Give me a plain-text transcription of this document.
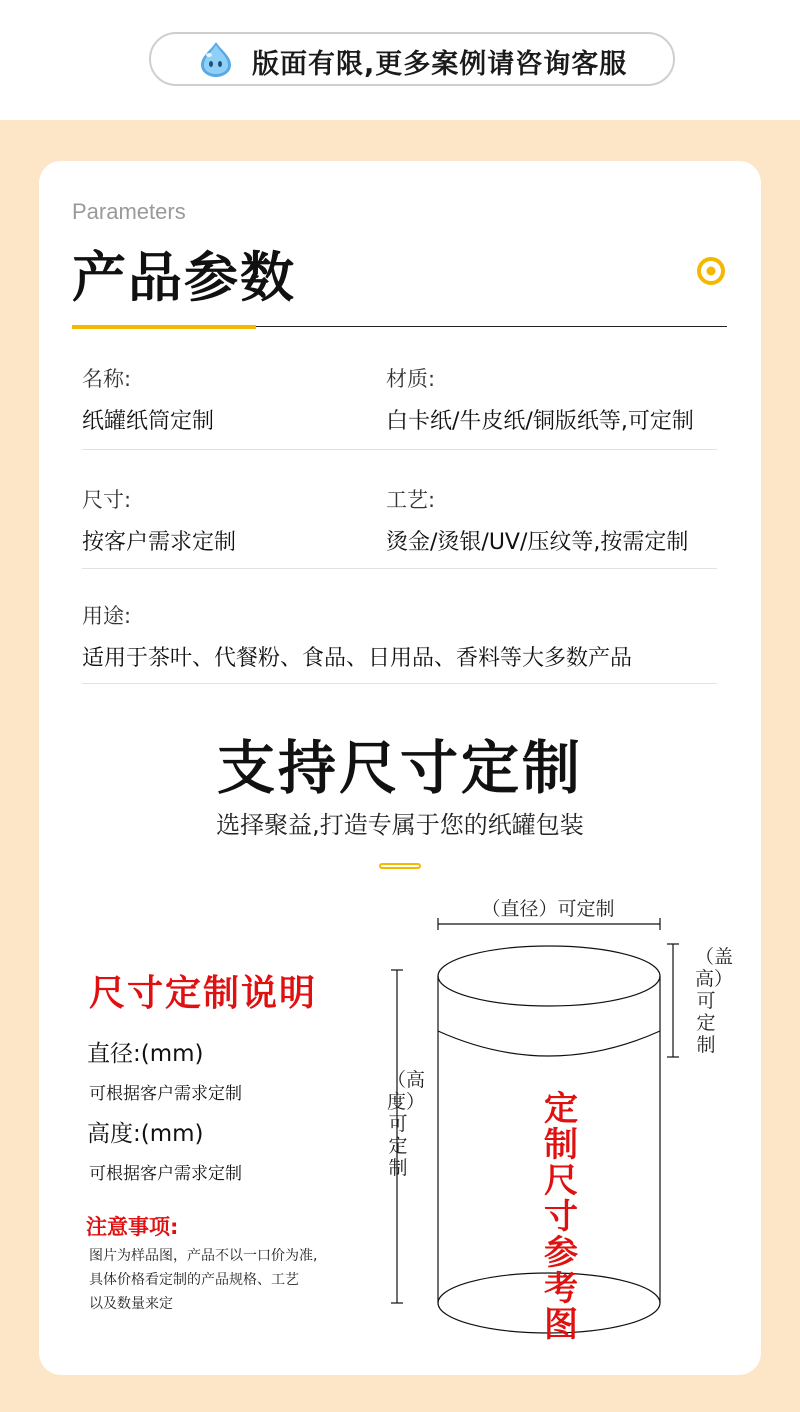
版面有限,更多案例请咨询客服
Parameters
产品参数
名称:
纸罐纸筒定制
材质:
白卡纸/牛皮纸/铜版纸等,可定制
尺寸:
按客户需求定制
工艺:
烫金/烫银/UV/压纹等,按需定制
用途:
适用于茶叶、代餐粉、食品、日用品、香料等大多数产品
支持尺寸定制
选择聚益,打造专属于您的纸罐包装
尺寸定制说明
直径:(mm)
可根据客户需求定制
高度:(mm)
可根据客户需求定制
注意事项:
图片为样品图，产品不以一口价为准,
具体价格看定制的产品规格、工艺
以及数量来定
（直径）可定制
（盖高）可定制
（高度）可定制
定制尺寸参考图
